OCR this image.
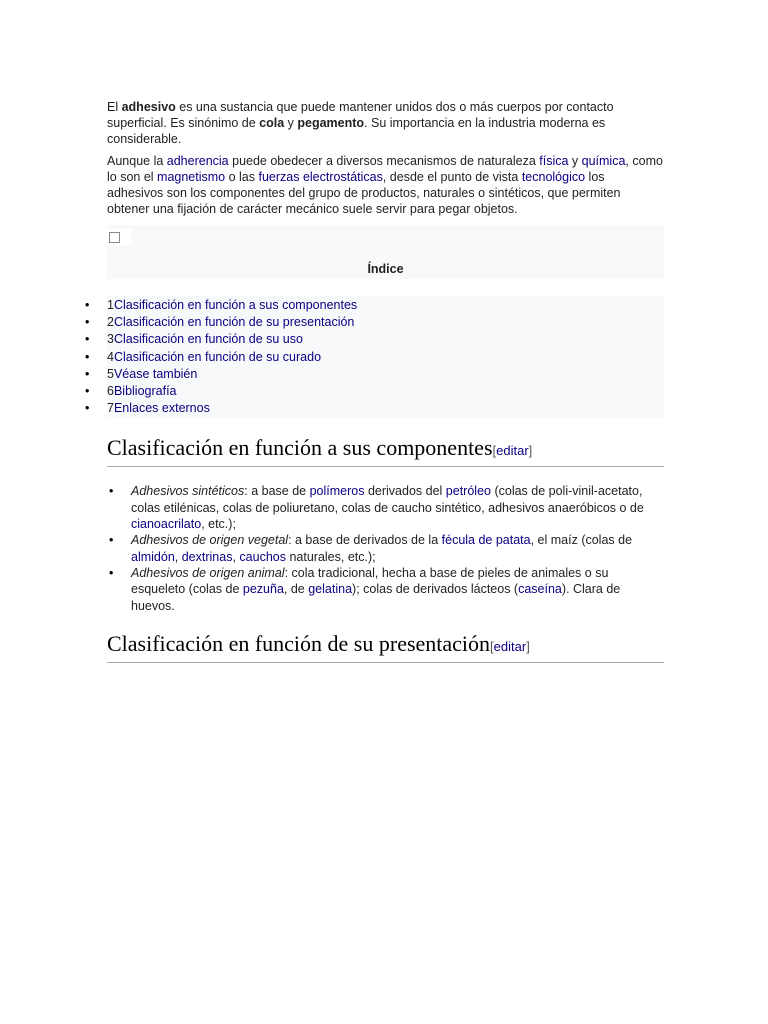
El adhesivo es una sustancia que puede mantener unidos dos o más cuerpos por contacto superficial. Es sinónimo de cola y pegamento. Su importancia en la industria moderna es considerable.

Aunque la adherencia puede obedecer a diversos mecanismos de naturaleza física y química, como lo son el magnetismo o las fuerzas electrostáticas, desde el punto de vista tecnológico los adhesivos son los componentes del grupo de productos, naturales o sintéticos, que permiten obtener una fijación de carácter mecánico suele servir para pegar objetos.

Índice
• 1Clasificación en función a sus componentes
• 2Clasificación en función de su presentación
• 3Clasificación en función de su uso
• 4Clasificación en función de su curado
• 5Véase también
• 6Bibliografía
• 7Enlaces externos
Clasificación en función a sus componentes[editar]
• Adhesivos sintéticos: a base de polímeros derivados del petróleo (colas de poli-vinil-acetato, colas etilénicas, colas de poliuretano, colas de caucho sintético, adhesivos anaeróbicos o de cianoacrilato, etc.);
• Adhesivos de origen vegetal: a base de derivados de la fécula de patata, el maíz (colas de almidón, dextrinas, cauchos naturales, etc.);
• Adhesivos de origen animal: cola tradicional, hecha a base de pieles de animales o su esqueleto (colas de pezuña, de gelatina); colas de derivados lácteos (caseína). Clara de huevos.
Clasificación en función de su presentación[editar]
